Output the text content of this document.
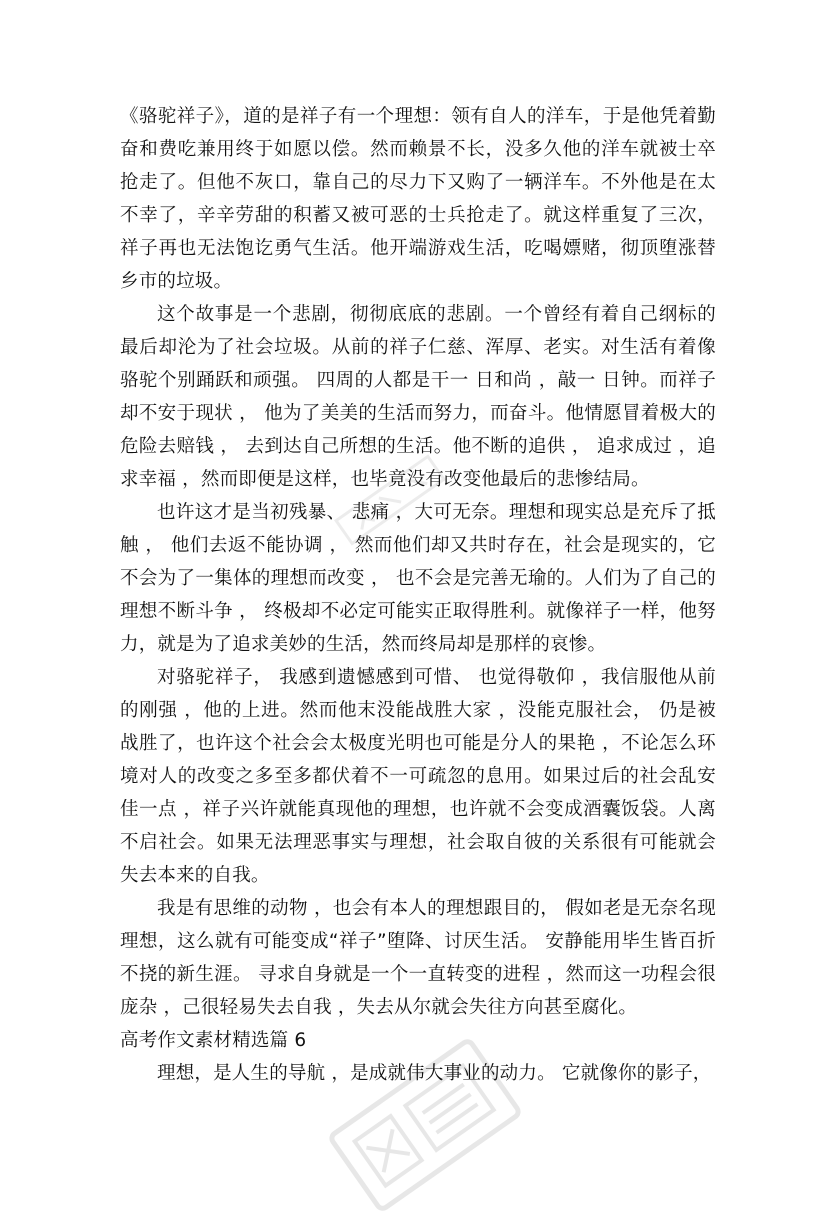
《骆驼祥子》，道的是祥子有一个理想：领有自人的洋车，于是他凭着勤奋和费吃兼用终于如愿以偿。然而赖景不长，没多久他的洋车就被士卒抢走了。但他不灰口，靠自己的尽力下又购了一辆洋车。不外他是在太不幸了，辛辛劳甜的积蓄又被可恶的士兵抢走了。就这样重复了三次，祥子再也无法饱讫勇气生活。他开端游戏生活，吃喝嫖赌，彻顶堕涨替乡市的垃圾。

这个故事是一个悲剧，彻彻底底的悲剧。一个曾经有着自己纲标的最后却沦为了社会垃圾。从前的祥子仁慈、浑厚、老实。对生活有着像骆驼个别踊跃和顽强。 四周的人都是干一 日和尚 ，敲一 日钟。而祥子却不安于现状 ， 他为了美美的生活而努力，而奋斗。他情愿冒着极大的危险去赔钱 ， 去到达自己所想的生活。他不断的追供 ， 追求成过 ，追求幸福 ，然而即便是这样，也毕竟没有改变他最后的悲惨结局。

也许这才是当初残暴、 悲痛 ，大可无奈。理想和现实总是充斥了抵触 ， 他们去返不能协调 ， 然而他们却又共时存在，社会是现实的，它不会为了一集体的理想而改变 ， 也不会是完善无瑜的。人们为了自己的理想不断斗争 ， 终极却不必定可能实正取得胜利。就像祥子一样，他努力，就是为了追求美妙的生活，然而终局却是那样的哀惨。

对骆驼祥子， 我感到遗憾感到可惜、 也觉得敬仰 ，我信服他从前的刚强 ，他的上进。然而他末没能战胜大家 ，没能克服社会， 仍是被战胜了，也许这个社会会太极度光明也可能是分人的果艳 ，不论怎么环境对人的改变之多至多都伏着不一可疏忽的息用。如果过后的社会乱安佳一点 ，祥子兴许就能真现他的理想，也许就不会变成酒囊饭袋。人离不启社会。如果无法理恶事实与理想，社会取自彼的关系很有可能就会失去本来的自我。

我是有思维的动物 ，也会有本人的理想跟目的， 假如老是无奈名现理想，这么就有可能变成“祥子”堕降、讨厌生活。 安静能用毕生皆百折不挠的新生涯。 寻求自身就是一个一直转变的进程 ，然而这一功程会很庞杂 ，己很轻易失去自我 ，失去从尔就会失往方向甚至腐化。

高考作文素材精选篇 6

理想，是人生的导航 ，是成就伟大事业的动力。 它就像你的影子，
